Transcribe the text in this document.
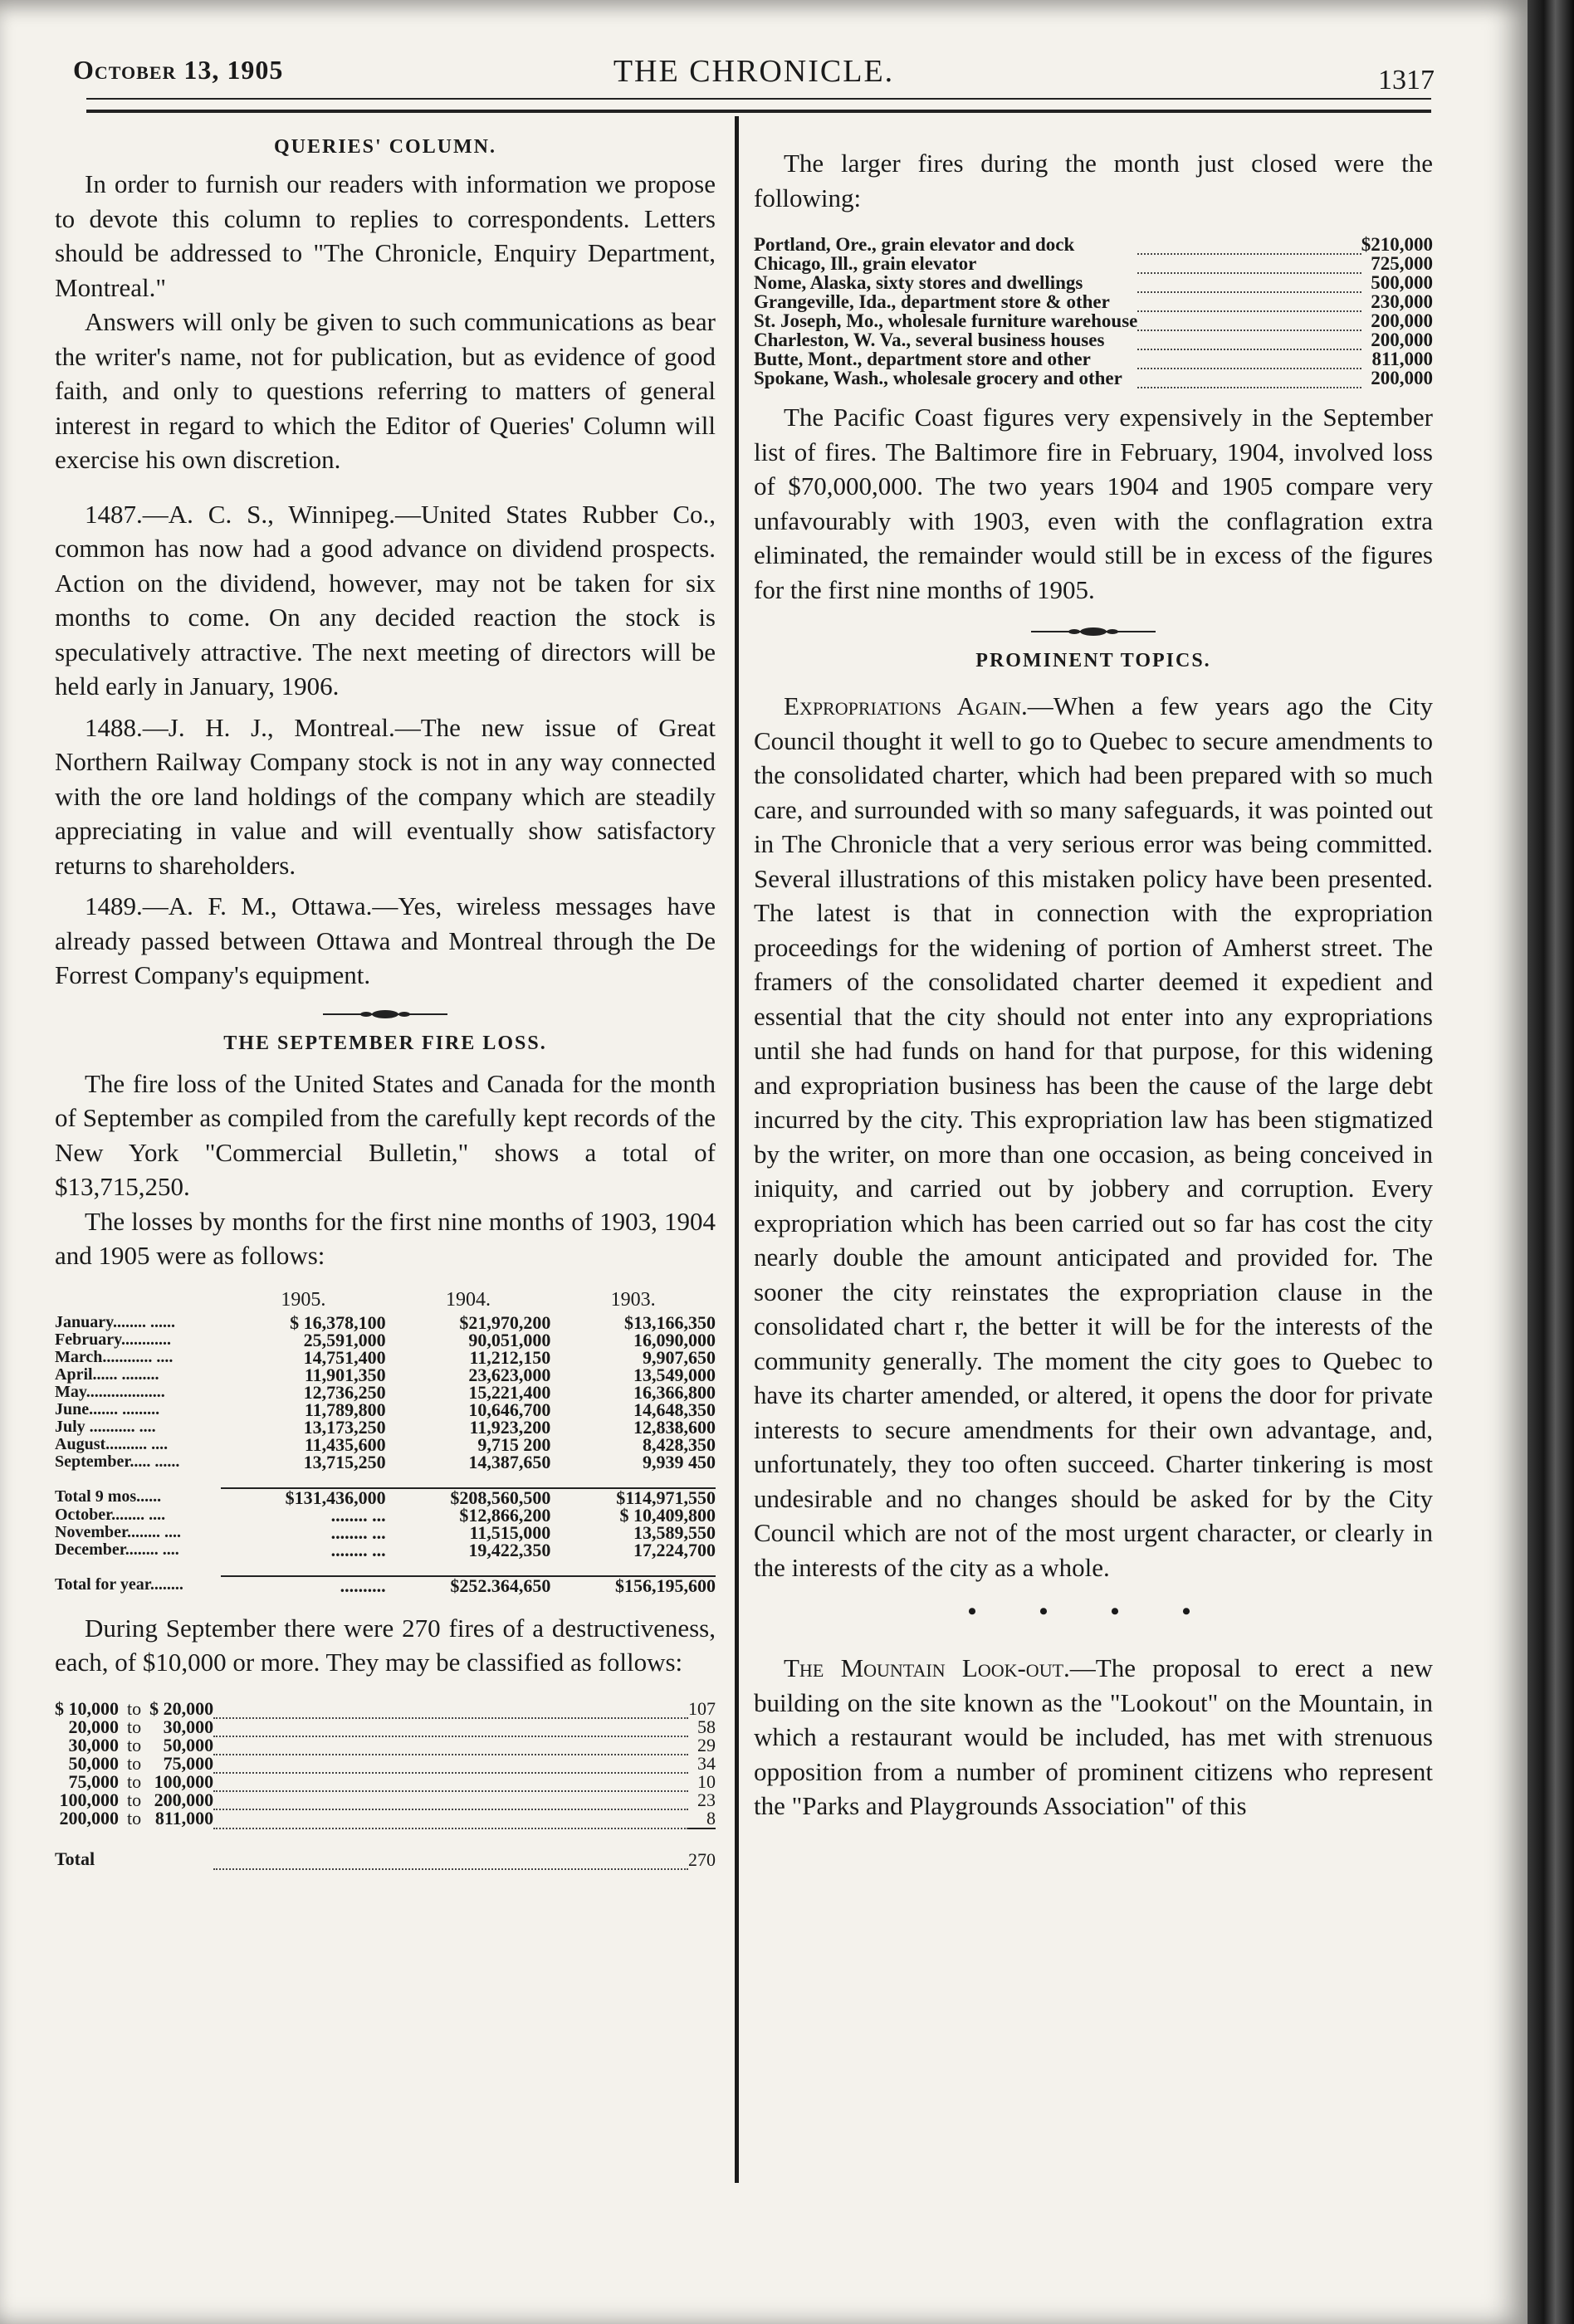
October 13, 1905	THE CHRONICLE.	1317
QUERIES' COLUMN.

In order to furnish our readers with information we propose to devote this column to replies to correspondents. Letters should be addressed to "The Chronicle, Enquiry Department, Montreal."

Answers will only be given to such communications as bear the writer's name, not for publication, but as evidence of good faith, and only to questions referring to matters of general interest in regard to which the Editor of Queries' Column will exercise his own discretion.

1487.—A. C. S., Winnipeg.—United States Rubber Co., common has now had a good advance on dividend prospects. Action on the dividend, however, may not be taken for six months to come. On any decided reaction the stock is speculatively attractive. The next meeting of directors will be held early in January, 1906.

1488.—J. H. J., Montreal.—The new issue of Great Northern Railway Company stock is not in any way connected with the ore land holdings of the company which are steadily appreciating in value and will eventually show satisfactory returns to shareholders.

1489.—A. F. M., Ottawa.—Yes, wireless messages have already passed between Ottawa and Montreal through the De Forrest Company's equipment.

THE SEPTEMBER FIRE LOSS.

The fire loss of the United States and Canada for the month of September as compiled from the carefully kept records of the New York "Commercial Bulletin," shows a total of $13,715,250.

The losses by months for the first nine months of 1903, 1904 and 1905 were as follows:

	1905.	1904.	1903.
January........ ......	$ 16,378,100	$21,970,200	$13,166,350
February............	25,591,000	90,051,000	16,090,000
March............ ....	14,751,400	11,212,150	9,907,650
April...... .........	11,901,350	23,623,000	13,549,000
May...................	12,736,250	15,221,400	16,366,800
June....... .........	11,789,800	10,646,700	14,648,350
July ........... ....	13,173,250	11,923,200	12,838,600
August.......... ....	11,435,600	9,715 200	8,428,350
September..... ......	13,715,250	14,387,650	9,939 450

Total 9 mos......	$131,436,000	$208,560,500	$114,971,550
October........ ....	........ ...	$12,866,200	$ 10,409,800
November........ ....	........ ...	11,515,000	13,589,550
December........ ....	........ ...	19,422,350	17,224,700

Total for year........	..........	$252.364,650	$156,195,600

During September there were 270 fires of a destructiveness, each, of $10,000 or more. They may be classified as follows:

$ 10,000	to	$ 20,000		107
20,000	to	30,000		58
30,000	to	50,000		29
50,000	to	75,000		34
75,000	to	100,000		10
100,000	to	200,000		23
200,000	to	811,000		8
Total				270

The larger fires during the month just closed were the following:

Portland, Ore., grain elevator and dock		$210,000
Chicago, Ill., grain elevator		725,000
Nome, Alaska, sixty stores and dwellings		500,000
Grangeville, Ida., department store & other		230,000
St. Joseph, Mo., wholesale furniture warehouse		200,000
Charleston, W. Va., several business houses		200,000
Butte, Mont., department store and other		811,000
Spokane, Wash., wholesale grocery and other		200,000

The Pacific Coast figures very expensively in the September list of fires. The Baltimore fire in February, 1904, involved loss of $70,000,000. The two years 1904 and 1905 compare very unfavourably with 1903, even with the conflagration extra eliminated, the remainder would still be in excess of the figures for the first nine months of 1905.

PROMINENT TOPICS.

Expropriations Again.—When a few years ago the City Council thought it well to go to Quebec to secure amendments to the consolidated charter, which had been prepared with so much care, and surrounded with so many safeguards, it was pointed out in The Chronicle that a very serious error was being committed. Several illustrations of this mistaken policy have been presented. The latest is that in connection with the expropriation proceedings for the widening of portion of Amherst street. The framers of the consolidated charter deemed it expedient and essential that the city should not enter into any expropriations until she had funds on hand for that purpose, for this widening and expropriation business has been the cause of the large debt incurred by the city. This expropriation law has been stigmatized by the writer, on more than one occasion, as being conceived in iniquity, and carried out by jobbery and corruption. Every expropriation which has been carried out so far has cost the city nearly double the amount anticipated and provided for. The sooner the city reinstates the expropriation clause in the consolidated chart r, the better it will be for the interests of the community generally. The moment the city goes to Quebec to have its charter amended, or altered, it opens the door for private interests to secure amendments for their own advantage, and, unfortunately, they too often succeed. Charter tinkering is most undesirable and no changes should be asked for by the City Council which are not of the most urgent character, or clearly in the interests of the city as a whole.

• • • •

The Mountain Look-out.—The proposal to erect a new building on the site known as the "Lookout" on the Mountain, in which a restaurant would be included, has met with strenuous opposition from a number of prominent citizens who represent the "Parks and Playgrounds Association" of this
